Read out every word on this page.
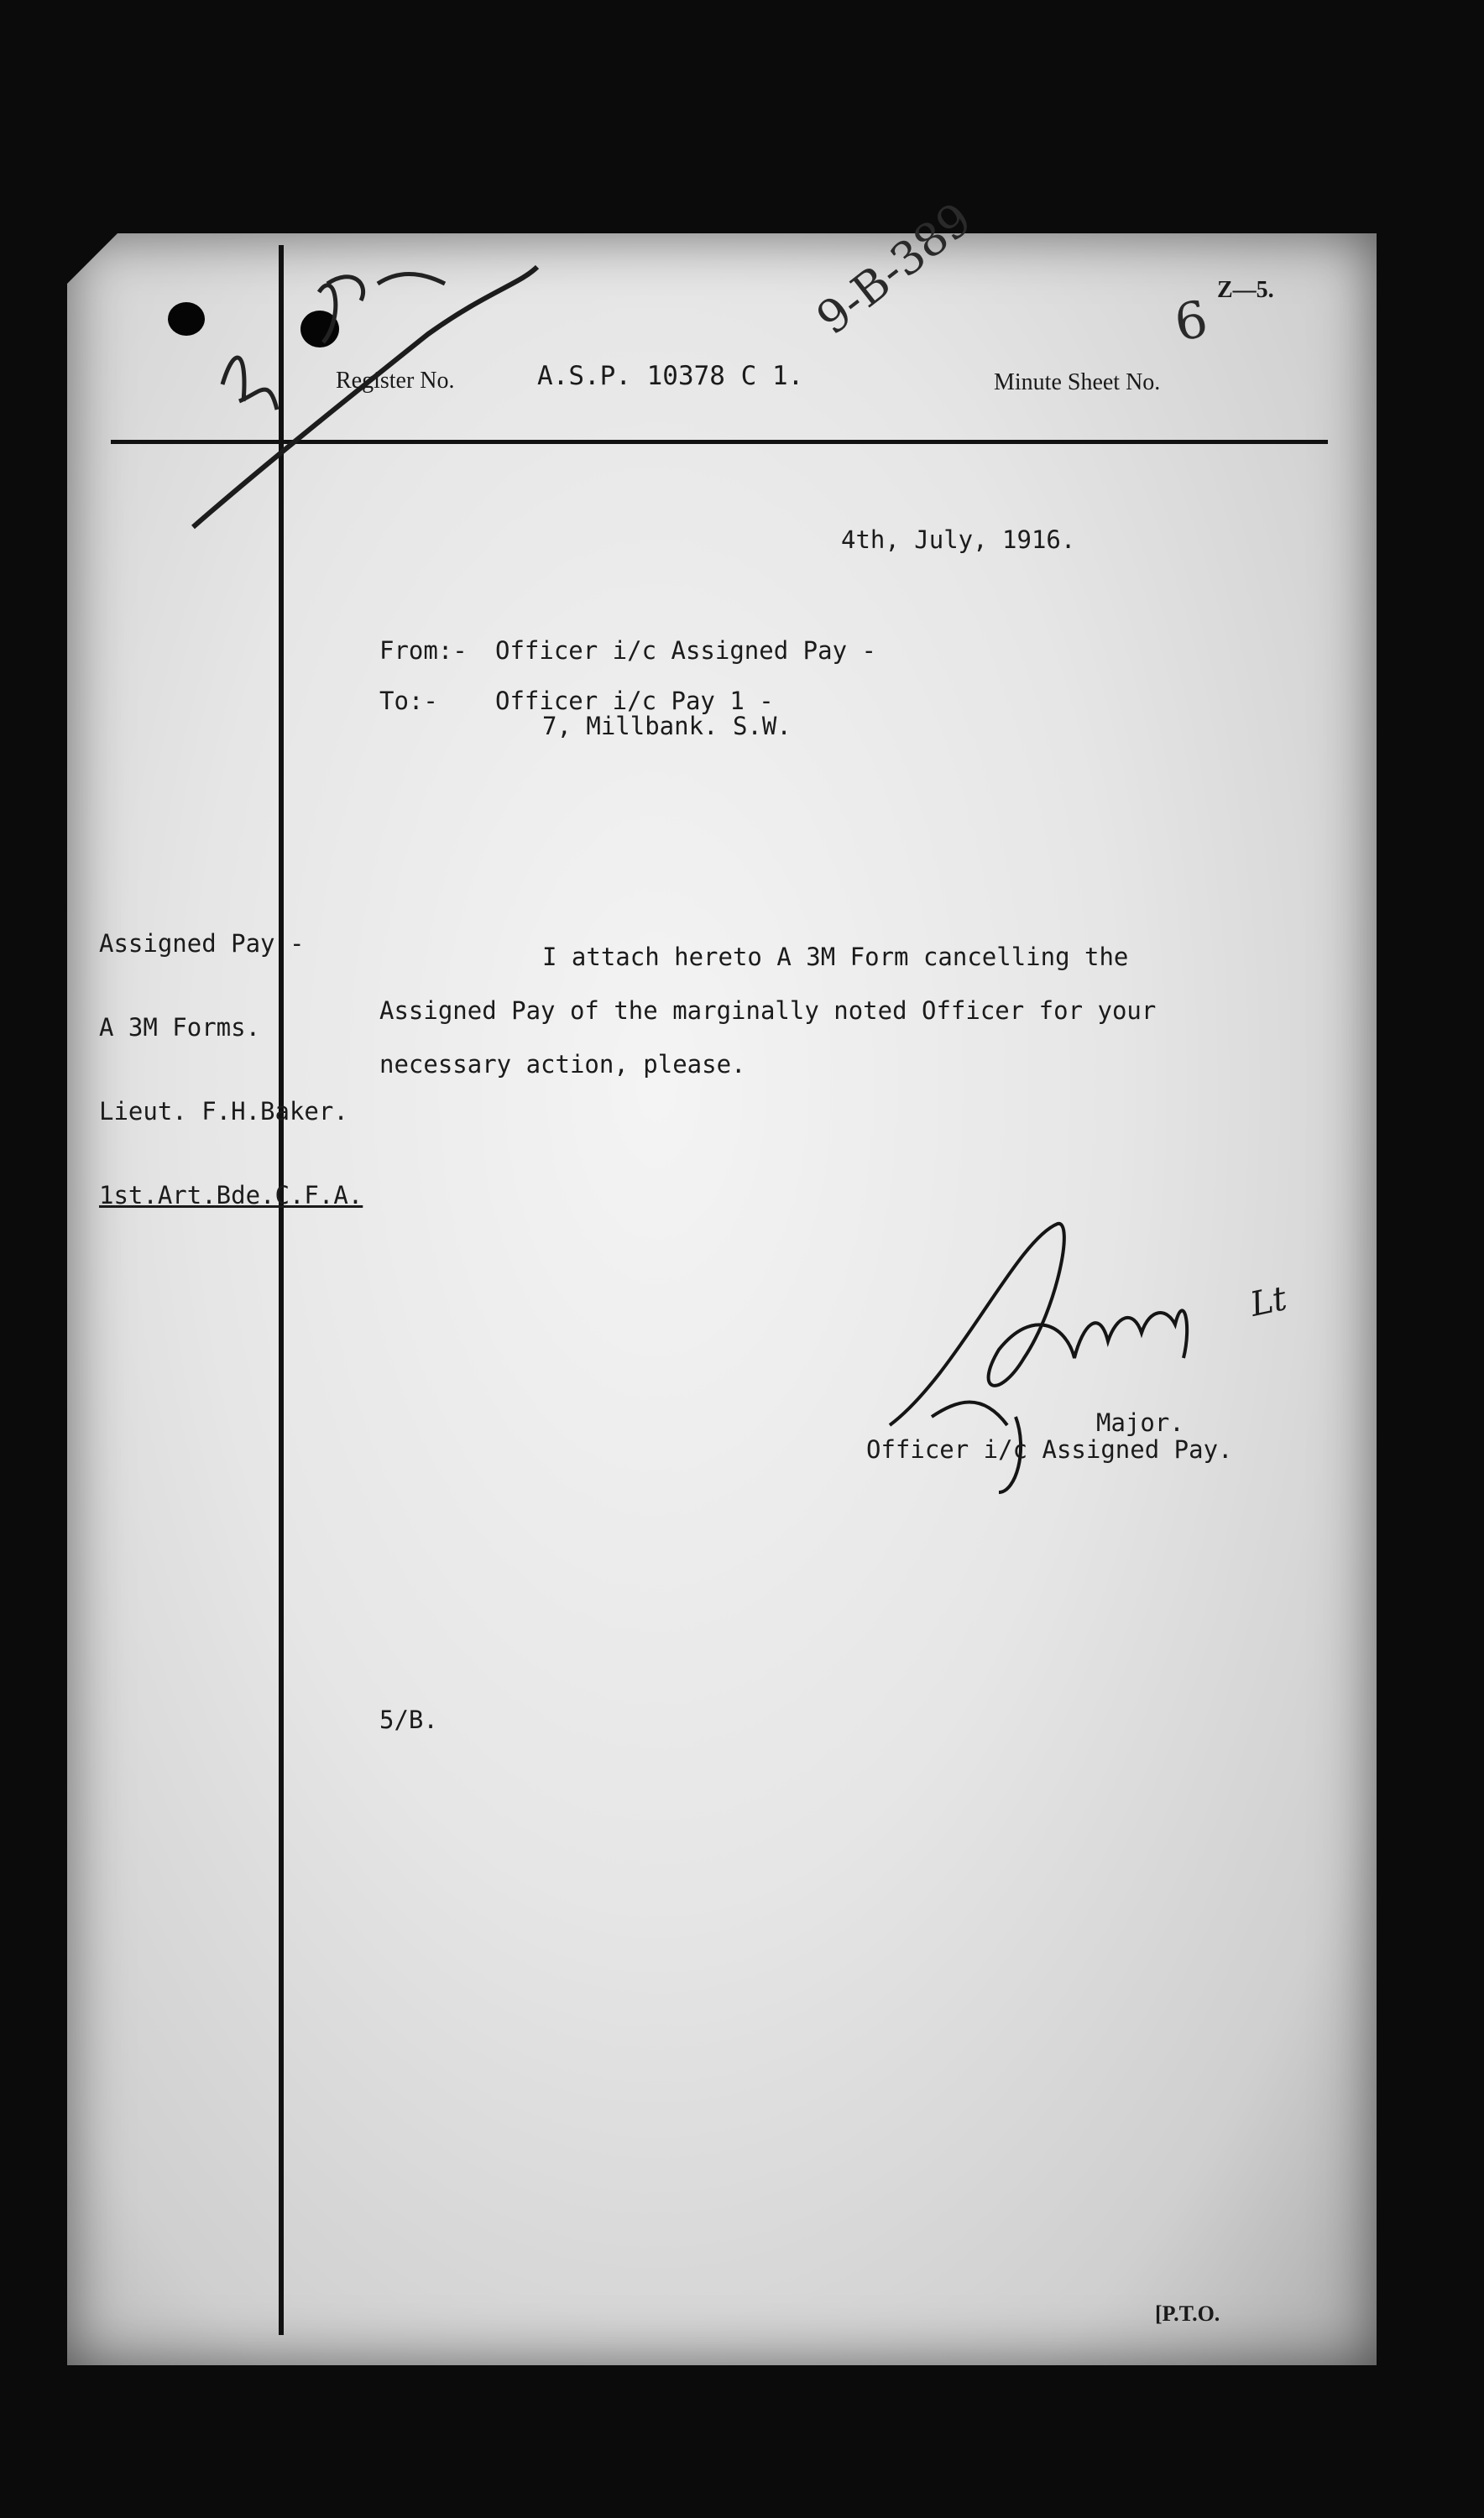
Register No.	A.S.P. 10378 C 1.	Minute Sheet No.
Z—5.
9-B-389	6
4th, July, 1916.
From:- Officer i/c Assigned Pay -
To:- Officer i/c Pay 1 -
7, Millbank. S.W.

Assigned Pay -

A 3M Forms.

Lieut. F.H.Baker.

1st.Art.Bde.C.F.A.

I attach hereto A 3M Form cancelling the Assigned Pay of the marginally noted Officer for your necessary action, please.
Lt
Major.
Officer i/c Assigned Pay.
5/B.
[P.T.O.
